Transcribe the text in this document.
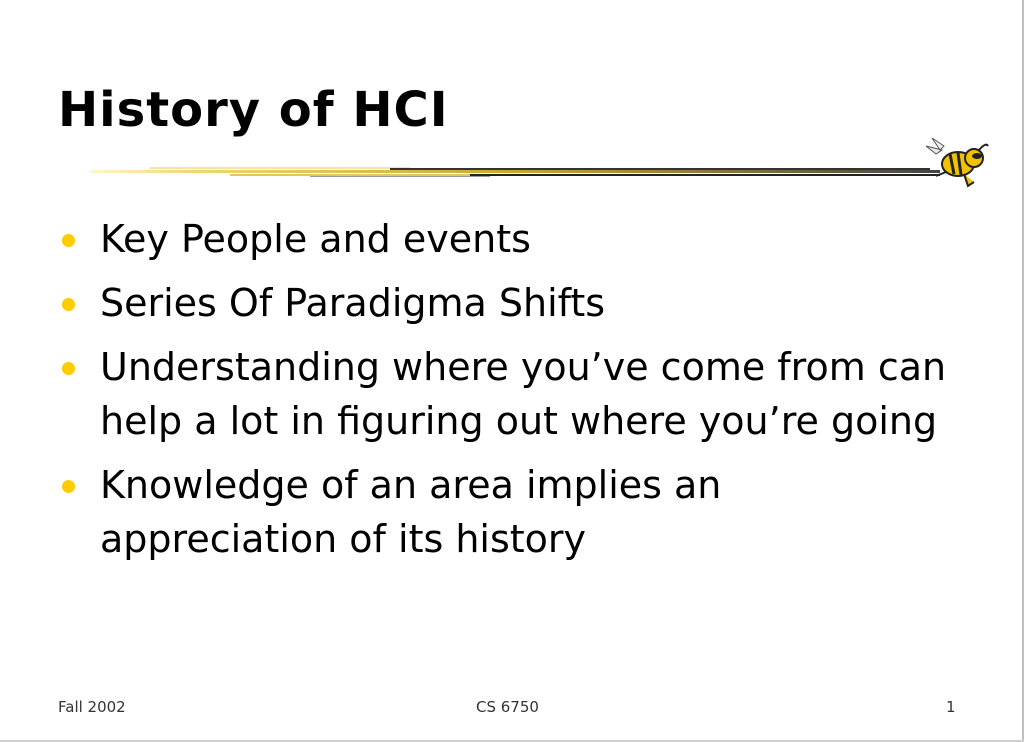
History of HCI
Key People and events
Series Of Paradigma Shifts
Understanding where you’ve come from can help a lot in figuring out where you’re going
Knowledge of an area implies an appreciation of its history
Fall 2002	CS 6750	1
